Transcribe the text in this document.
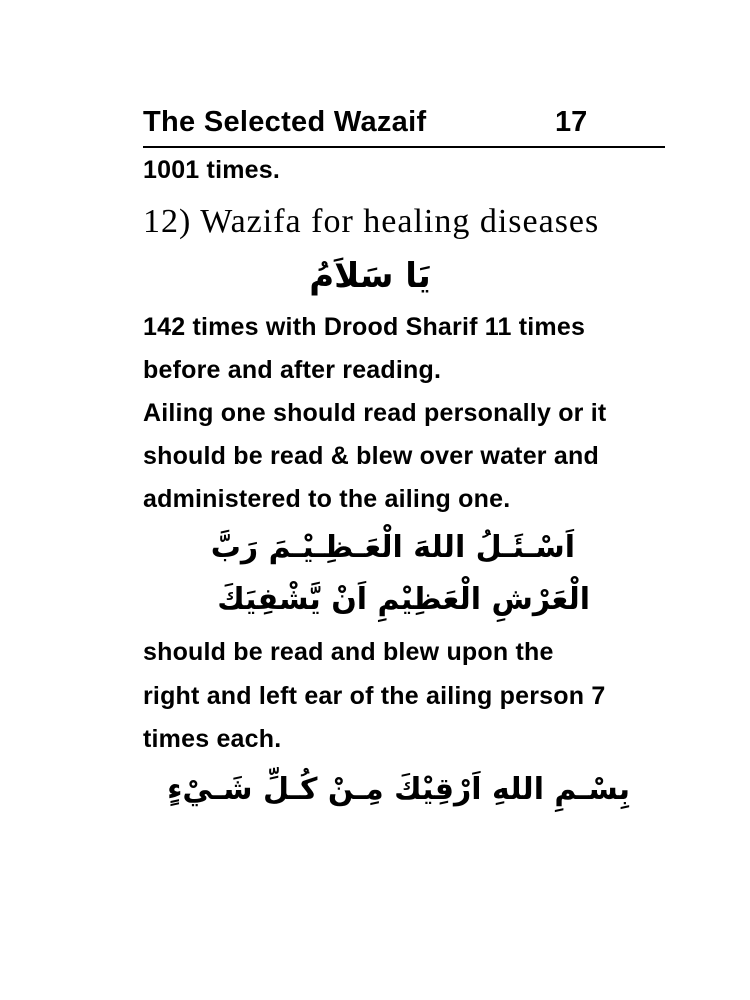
The Selected Wazaif	17
1001 times.
12) Wazifa for healing diseases
يَا سَلاَمُ
142 times with Drood Sharif 11 times
before and after reading.
Ailing one should read personally or it
should be read & blew over water and
administered to the ailing one.
اَسْـئَـلُ اللهَ الْعَـظِـيْـمَ رَبَّ
الْعَرْشِ الْعَظِيْمِ اَنْ يَّشْفِيَكَ
should be read and blew upon the
right and left ear of the ailing person 7
times each.
بِسْـمِ اللهِ اَرْقِيْكَ مِـنْ كُـلِّ شَـيْءٍ
